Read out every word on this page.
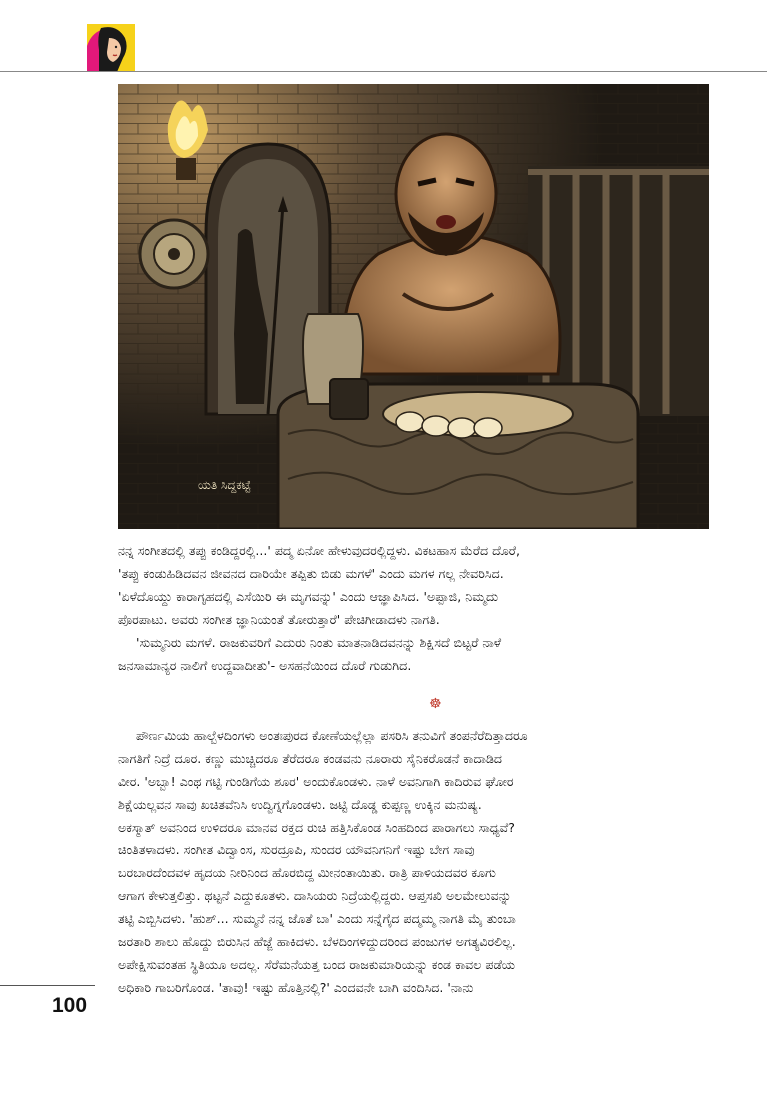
ಯತಿ ಸಿದ್ದಕಟ್ಟೆ
ನನ್ನ ಸಂಗೀತದಲ್ಲಿ ತಪ್ಪು ಕಂಡಿದ್ದರಲ್ಲಿ...' ಪದ್ಮ ಏನೋ ಹೇಳುವುದರಲ್ಲಿದ್ದಳು. ವಿಕಟಹಾಸ ಮೆರೆದ ದೊರೆ,
'ತಪ್ಪು ಕಂಡುಹಿಡಿದವನ ಜೀವನದ ದಾರಿಯೇ ತಪ್ಪಿತು ಬಿಡು ಮಗಳೆ' ಎಂದು ಮಗಳ ಗಲ್ಲ ನೇವರಿಸಿದ.
'ಏಳೆದೊಯ್ದು ಕಾರಾಗೃಹದಲ್ಲಿ ಎಸೆಯಿರಿ ಈ ಮೃಗವನ್ನು' ಎಂದು ಆಜ್ಞಾಪಿಸಿದ. 'ಅಪ್ಪಾಜಿ, ನಿಮ್ಮದು
ಪೊರಪಾಟು. ಅವರು ಸಂಗೀತ ಜ್ಞಾನಿಯಂತೆ ತೋರುತ್ತಾರೆ' ಪೇಚಿಗೀಡಾದಳು ನಾಗತಿ.
'ಸುಮ್ಮನಿರು ಮಗಳೆ. ರಾಜಕುವರಿಗೆ ಎದುರು ನಿಂತು ಮಾತನಾಡಿದವನನ್ನು ಶಿಕ್ಷಿಸದೆ ಬಿಟ್ಟರೆ ನಾಳೆ
ಜನಸಾಮಾನ್ಯರ ನಾಲಿಗೆ ಉದ್ದವಾದೀತು'- ಅಸಹನೆಯಿಂದ ದೊರೆ ಗುಡುಗಿದ.
☸
ಪೌರ್ಣಮಿಯ ಹಾಲ್ಬೆಳದಿಂಗಳು ಅಂತಃಪುರದ ಕೋಣೆಯಲ್ಲೆಲ್ಲಾ ಪಸರಿಸಿ ತನುವಿಗೆ ತಂಪನೆರೆದಿತ್ತಾದರೂ
ನಾಗತಿಗೆ ನಿದ್ರೆ ದೂರ. ಕಣ್ಣು ಮುಚ್ಚಿದರೂ ತೆರೆದರೂ ಕಂಡವನು ನೂರಾರು ಸೈನಿಕರೊಡನೆ ಕಾದಾಡಿದ
ವೀರ. 'ಅಬ್ಬಾ! ಎಂಥ ಗಟ್ಟಿ ಗುಂಡಿಗೆಯ ಶೂರ' ಅಂದುಕೊಂಡಳು. ನಾಳೆ ಅವನಿಗಾಗಿ ಕಾದಿರುವ ಘೋರ
ಶಿಕ್ಷೆಯಲ್ಲವನ ಸಾವು ಖಚಿತವೆನಿಸಿ ಉದ್ವಿಗ್ನಗೊಂಡಳು. ಜಟ್ಟಿ ದೊಡ್ಡ ಕುಪ್ಪಣ್ಣ ಉಕ್ಕಿನ ಮನುಷ್ಯ.
ಅಕಸ್ಮಾತ್ ಅವನಿಂದ ಉಳಿದರೂ ಮಾನವ ರಕ್ತದ ರುಚಿ ಹತ್ತಿಸಿಕೊಂಡ ಸಿಂಹದಿಂದ ಪಾರಾಗಲು ಸಾಧ್ಯವೆ?
ಚಿಂತಿತಳಾದಳು. ಸಂಗೀತ ವಿದ್ವಾಂಸ, ಸುರದ್ರೂಪಿ, ಸುಂದರ ಯೌವನಿಗನಿಗೆ ಇಷ್ಟು ಬೇಗ ಸಾವು
ಬರಬಾರದೆಂದವಳ ಹೃದಯ ನೀರಿನಿಂದ ಹೊರಬಿದ್ದ ಮೀನಂತಾಯಿತು. ರಾತ್ರಿ ಪಾಳಿಯದವರ ಕೂಗು
ಆಗಾಗ ಕೇಳುತ್ತಲಿತ್ತು. ಥಟ್ಟನೆ ಎದ್ದುಕೂತಳು. ದಾಸಿಯರು ನಿದ್ರೆಯಲ್ಲಿದ್ದರು. ಆಪ್ತಸಖಿ ಅಲಮೇಲುವನ್ನು
ತಟ್ಟಿ ಎಬ್ಬಿಸಿದಳು. 'ಹುಶ್... ಸುಮ್ಮನೆ ನನ್ನ ಜೊತೆ ಬಾ' ಎಂದು ಸನ್ನೆಗೈದ ಪದ್ಮಮ್ಮ ನಾಗತಿ ಮೈ ತುಂಬಾ
ಜರತಾರಿ ಶಾಲು ಹೊದ್ದು ಬಿರುಸಿನ ಹೆಜ್ಜೆ ಹಾಕಿದಳು. ಬೆಳದಿಂಗಳಿದ್ದುದರಿಂದ ಪಂಜುಗಳ ಅಗತ್ಯವಿರಲಿಲ್ಲ.
ಅಪೇಕ್ಷಿಸುವಂತಹ ಸ್ಥಿತಿಯೂ ಅದಲ್ಲ. ಸೆರೆಮನೆಯತ್ತ ಬಂದ ರಾಜಕುಮಾರಿಯನ್ನು ಕಂಡ ಕಾವಲ ಪಡೆಯ
ಅಧಿಕಾರಿ ಗಾಬರಿಗೊಂಡ. 'ತಾವು! ಇಷ್ಟು ಹೊತ್ತಿನಲ್ಲಿ?' ಎಂದವನೇ ಬಾಗಿ ವಂದಿಸಿದ. 'ನಾನು
100
